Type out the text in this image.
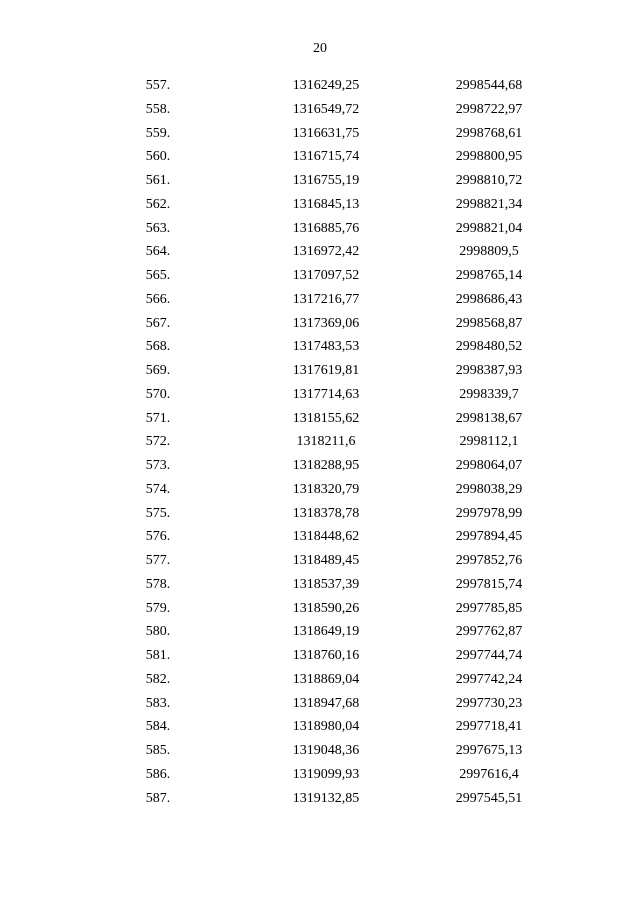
20
557.	1316249,25	2998544,68
558.	1316549,72	2998722,97
559.	1316631,75	2998768,61
560.	1316715,74	2998800,95
561.	1316755,19	2998810,72
562.	1316845,13	2998821,34
563.	1316885,76	2998821,04
564.	1316972,42	2998809,5
565.	1317097,52	2998765,14
566.	1317216,77	2998686,43
567.	1317369,06	2998568,87
568.	1317483,53	2998480,52
569.	1317619,81	2998387,93
570.	1317714,63	2998339,7
571.	1318155,62	2998138,67
572.	1318211,6	2998112,1
573.	1318288,95	2998064,07
574.	1318320,79	2998038,29
575.	1318378,78	2997978,99
576.	1318448,62	2997894,45
577.	1318489,45	2997852,76
578.	1318537,39	2997815,74
579.	1318590,26	2997785,85
580.	1318649,19	2997762,87
581.	1318760,16	2997744,74
582.	1318869,04	2997742,24
583.	1318947,68	2997730,23
584.	1318980,04	2997718,41
585.	1319048,36	2997675,13
586.	1319099,93	2997616,4
587.	1319132,85	2997545,51
